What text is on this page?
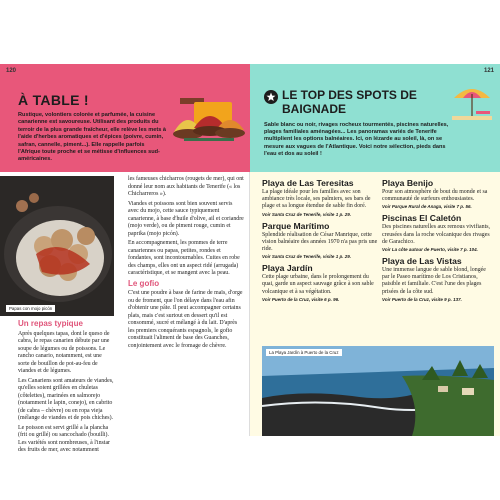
À TABLE !
Rustique, volontiers colorée et parfumée, la cuisine canarienne est savoureuse. Utilisant des produits du terroir de la plus grande fraîcheur, elle relève les mets à l'aide d'herbes aromatiques et d'épices (poivre, cumin, safran, cannelle, piment...). Elle rappelle parfois l'Afrique toute proche et se métisse d'influences sud-américaines.
120
Papas con mojo picón
Un repas typique

Après quelques tapas, dont le queso de cabra, le repas canarien débute par une soupe de légumes ou de poissons. Le rancho canario, notamment, est une sorte de bouillon de pot-au-feu de viandes et de légumes.

Les Canariens sont amateurs de viandes, qu'elles soient grillées en chuletas (côtelettes), marinées en salmorejo (notamment le lapin, conejo), en cabrito (de cabra – chèvre) ou en ropa vieja (mélange de viandes et de pois chiches).

Le poisson est servi grillé a la plancha (frit ou grillé) ou sancochado (bouilli). Les variétés sont nombreuses, à l'instar des fruits de mer, avec notamment

les fameuses chicharros (rougets de mer), qui ont donné leur nom aux habitants de Tenerife (« los Chicharreros »).

Viandes et poissons sont bien souvent servis avec du mojo, cette sauce typiquement canarienne, à base d'huile d'olive, ail et coriandre (mojo verde), ou de piment rouge, cumin et paprika (mojo picón).

En accompagnement, les pommes de terre canariennes ou papas, petites, rondes et fondantes, sont incontournables. Cuites en robe des champs, elles ont un aspect ridé (arrugada) caractéristique, et se mangent avec la peau.

Le gofio

C'est une poudre à base de farine de maïs, d'orge ou de froment, que l'on délaye dans l'eau afin d'obtenir une pâte. Il peut accompagner certains plats, mais c'est surtout en dessert qu'il est consommé, sucré et mélangé à du lait. D'après les premiers conquérants espagnols, le gofio constituait l'aliment de base des Guanches, conjointement avec le fromage de chèvre.

LE TOP DES SPOTS DE BAIGNADE
Sable blanc ou noir, rivages rocheux tourmentés, piscines naturelles, plages familiales aménagées... Les panoramas variés de Tenerife multiplient les options balnéaires. Ici, on lézarde au soleil, là, on se mesure aux vagues de l'Atlantique. Voici notre sélection, pieds dans l'eau et dos au soleil !
121
Playa de Las Teresitas
La plage idéale pour les familles avec son ambiance très locale, ses palmiers, ses bars de plage et sa longue étendue de sable fin doré.
Voir Santa Cruz de Tenerife, visite 1 p. 29.
Parque Marítimo
Splendide réalisation de César Manrique, cette vision balnéaire des années 1970 n'a pas pris une ride.
Voir Santa Cruz de Tenerife, visite 1 p. 29.
Playa Jardín
Cette plage urbaine, dans le prolongement du quai, garde un aspect sauvage grâce à son sable volcanique et à sa végétation.
Voir Puerto de la Cruz, visite 6 p. 96.
Playa Benijo
Pour son atmosphère de bout du monde et sa communauté de surfeurs enthousiastes.
Voir Parque Rural de Anaga, visite 7 p. 56.
Piscinas El Caletón
Des piscines naturelles aux remous vivifiants, creusées dans la roche volcanique des rivages de Garachico.
Voir La côte autour de Puerto, visite 7 p. 104.
Playa de Las Vistas
Une immense langue de sable blond, longée par le Paseo marítimo de Los Cristianos, paisible et familiale. C'est l'une des plages prisées de la côte sud.
Voir Puerto de la Cruz, visite 9 p. 137.
La Playa Jardín à Puerto de la Cruz
